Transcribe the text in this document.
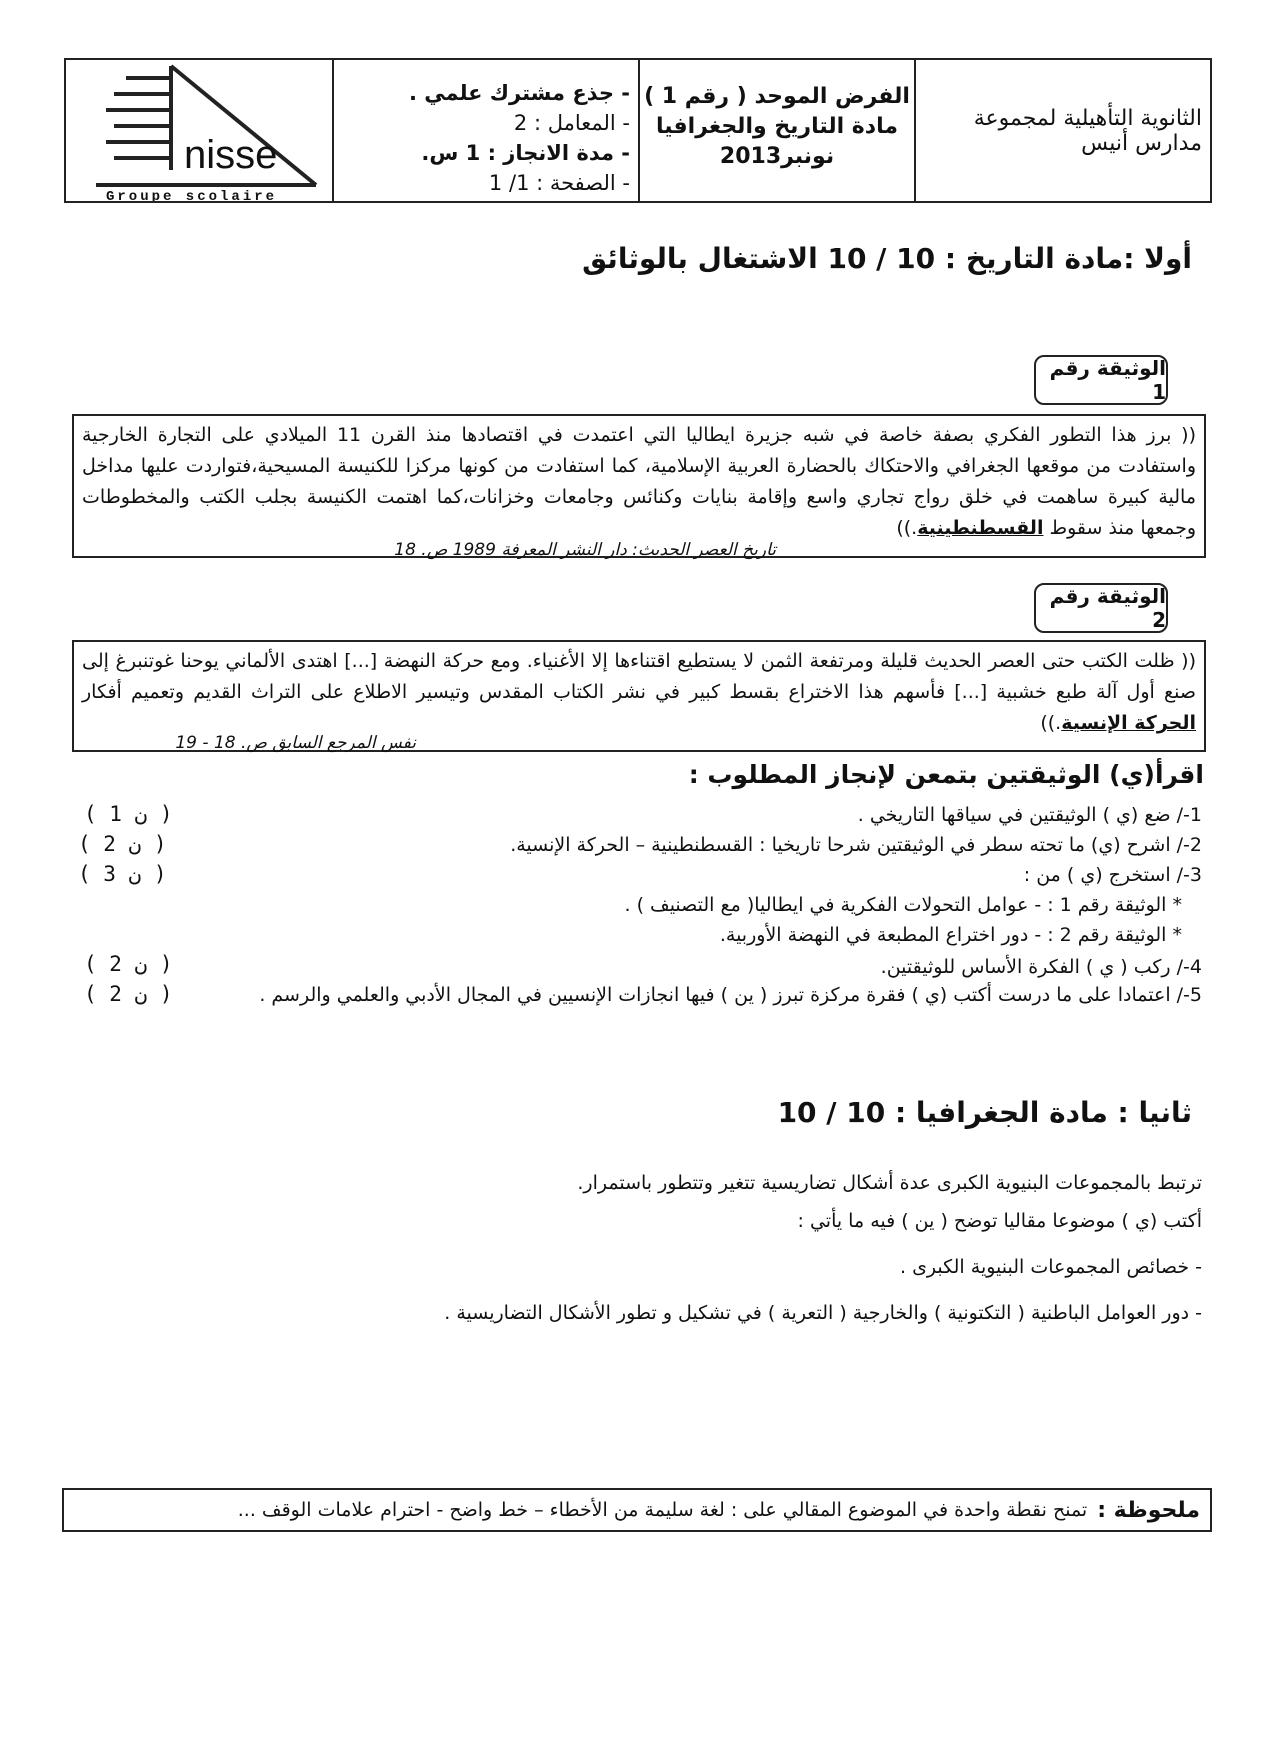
nisse
Groupe scolaire
- جذع مشترك علمي .
- المعامل : 2
- مدة الانجاز : 1 س.
- الصفحة : 1/ 1
الفرض الموحد ( رقم 1 )
مادة التاريخ والجغرافيا
نونبر2013
الثانوية التأهيلية لمجموعة مدارس أنيس
أولا :مادة التاريخ : 10 / 10 الاشتغال بالوثائق
الوثيقة رقم 1
(( برز هذا التطور الفكري بصفة خاصة في شبه جزيرة ايطاليا التي اعتمدت في اقتصادها منذ القرن 11 الميلادي على التجارة الخارجية واستفادت من موقعها الجغرافي والاحتكاك بالحضارة العربية الإسلامية، كما استفادت من كونها مركزا للكنيسة المسيحية،فتواردت عليها مداخل مالية كبيرة ساهمت في خلق رواج تجاري واسع وإقامة بنايات وكنائس وجامعات وخزانات،كما اهتمت الكنيسة بجلب الكتب والمخطوطات وجمعها منذ سقوط القسطنطينية.))
تاريخ العصر الحديث: دار النشر المعرفة 1989 ص. 18
الوثيقة رقم 2
(( ظلت الكتب حتى العصر الحديث قليلة ومرتفعة الثمن لا يستطيع اقتناءها إلا الأغنياء. ومع حركة النهضة [...] اهتدى الألماني يوحنا غوتنبرغ إلى صنع أول آلة طبع خشبية [...] فأسهم هذا الاختراع بقسط كبير في نشر الكتاب المقدس وتيسير الاطلاع على التراث القديم وتعميم أفكار الحركة الإنسية.))
نفس المرجع السابق ص. 18 - 19
اقرأ(ي) الوثيقتين بتمعن لإنجاز المطلوب :
1-/ ضع (ي ) الوثيقتين في سياقها التاريخي .
( 1 ن )
2-/ اشرح (ي) ما تحته سطر في الوثيقتين شرحا تاريخيا : القسطنطينية – الحركة الإنسية.
( 2 ن )
3-/ استخرج (ي ) من :
( 3 ن )
* الوثيقة رقم 1 : - عوامل التحولات الفكرية في ايطاليا( مع التصنيف ) .
* الوثيقة رقم 2 : - دور اختراع المطبعة في النهضة الأوربية.
4-/ ركب ( ي ) الفكرة الأساس للوثيقتين.
( 2 ن )
5-/ اعتمادا على ما درست أكتب (ي ) فقرة مركزة تبرز ( ين ) فيها انجازات الإنسيين في المجال الأدبي والعلمي والرسم .
( 2 ن )
ثانيا : مادة الجغرافيا : 10 / 10
ترتبط بالمجموعات البنيوية الكبرى عدة أشكال تضاريسية تتغير وتتطور باستمرار.
أكتب (ي ) موضوعا مقاليا توضح ( ين ) فيه ما يأتي :
- خصائص المجموعات البنيوية الكبرى .
- دور العوامل الباطنية ( التكتونية ) والخارجية ( التعرية ) في تشكيل و تطور الأشكال التضاريسية .
ملحوظة :
تمنح نقطة واحدة في الموضوع المقالي على : لغة سليمة من الأخطاء – خط واضح - احترام علامات الوقف ...
